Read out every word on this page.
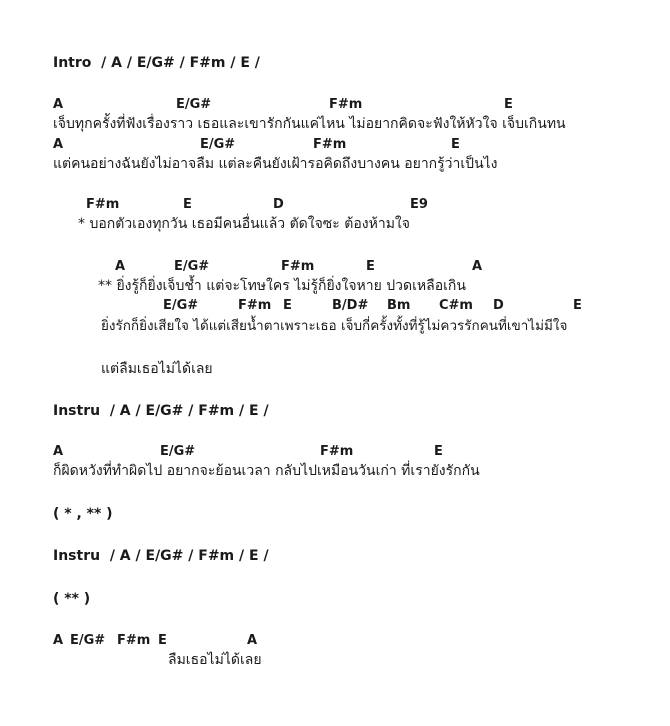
Intro  / A / E/G# / F#m / E /
A	E/G#	F#m	E
เจ็บทุกครั้งที่ฟังเรื่องราว เธอและเขารักกันแค่ไหน ไม่อยากคิดจะฟังให้หัวใจ เจ็บเกินทน
A	E/G#	F#m	E
แต่คนอย่างฉันยังไม่อาจลืม แต่ละคืนยังเฝ้ารอคิดถึงบางคน อยากรู้ว่าเป็นไง
F#m	E	D	E9
* บอกตัวเองทุกวัน เธอมีคนอื่นแล้ว ตัดใจซะ ต้องห้ามใจ
A	E/G#	F#m	E	A
** ยิ่งรู้ก็ยิ่งเจ็บช้ำ แต่จะโทษใคร ไม่รู้ก็ยิ่งใจหาย ปวดเหลือเกิน
E/G#	F#m E	B/D# Bm C#m D	E
ยิ่งรักก็ยิ่งเสียใจ ได้แต่เสียน้ำตาเพราะเธอ เจ็บกี่ครั้งทั้งที่รู้ไม่ควรรักคนที่เขาไม่มีใจ
แต่ลืมเธอไม่ได้เลย
Instru  / A / E/G# / F#m / E /
A	E/G#	F#m	E
ก็ผิดหวังที่ทำผิดไป อยากจะย้อนเวลา กลับไปเหมือนวันเก่า ที่เรายังรักกัน
( * , ** )
Instru  / A / E/G# / F#m / E /
( ** )
A E/G# F#m E	A
ลืมเธอไม่ได้เลย
